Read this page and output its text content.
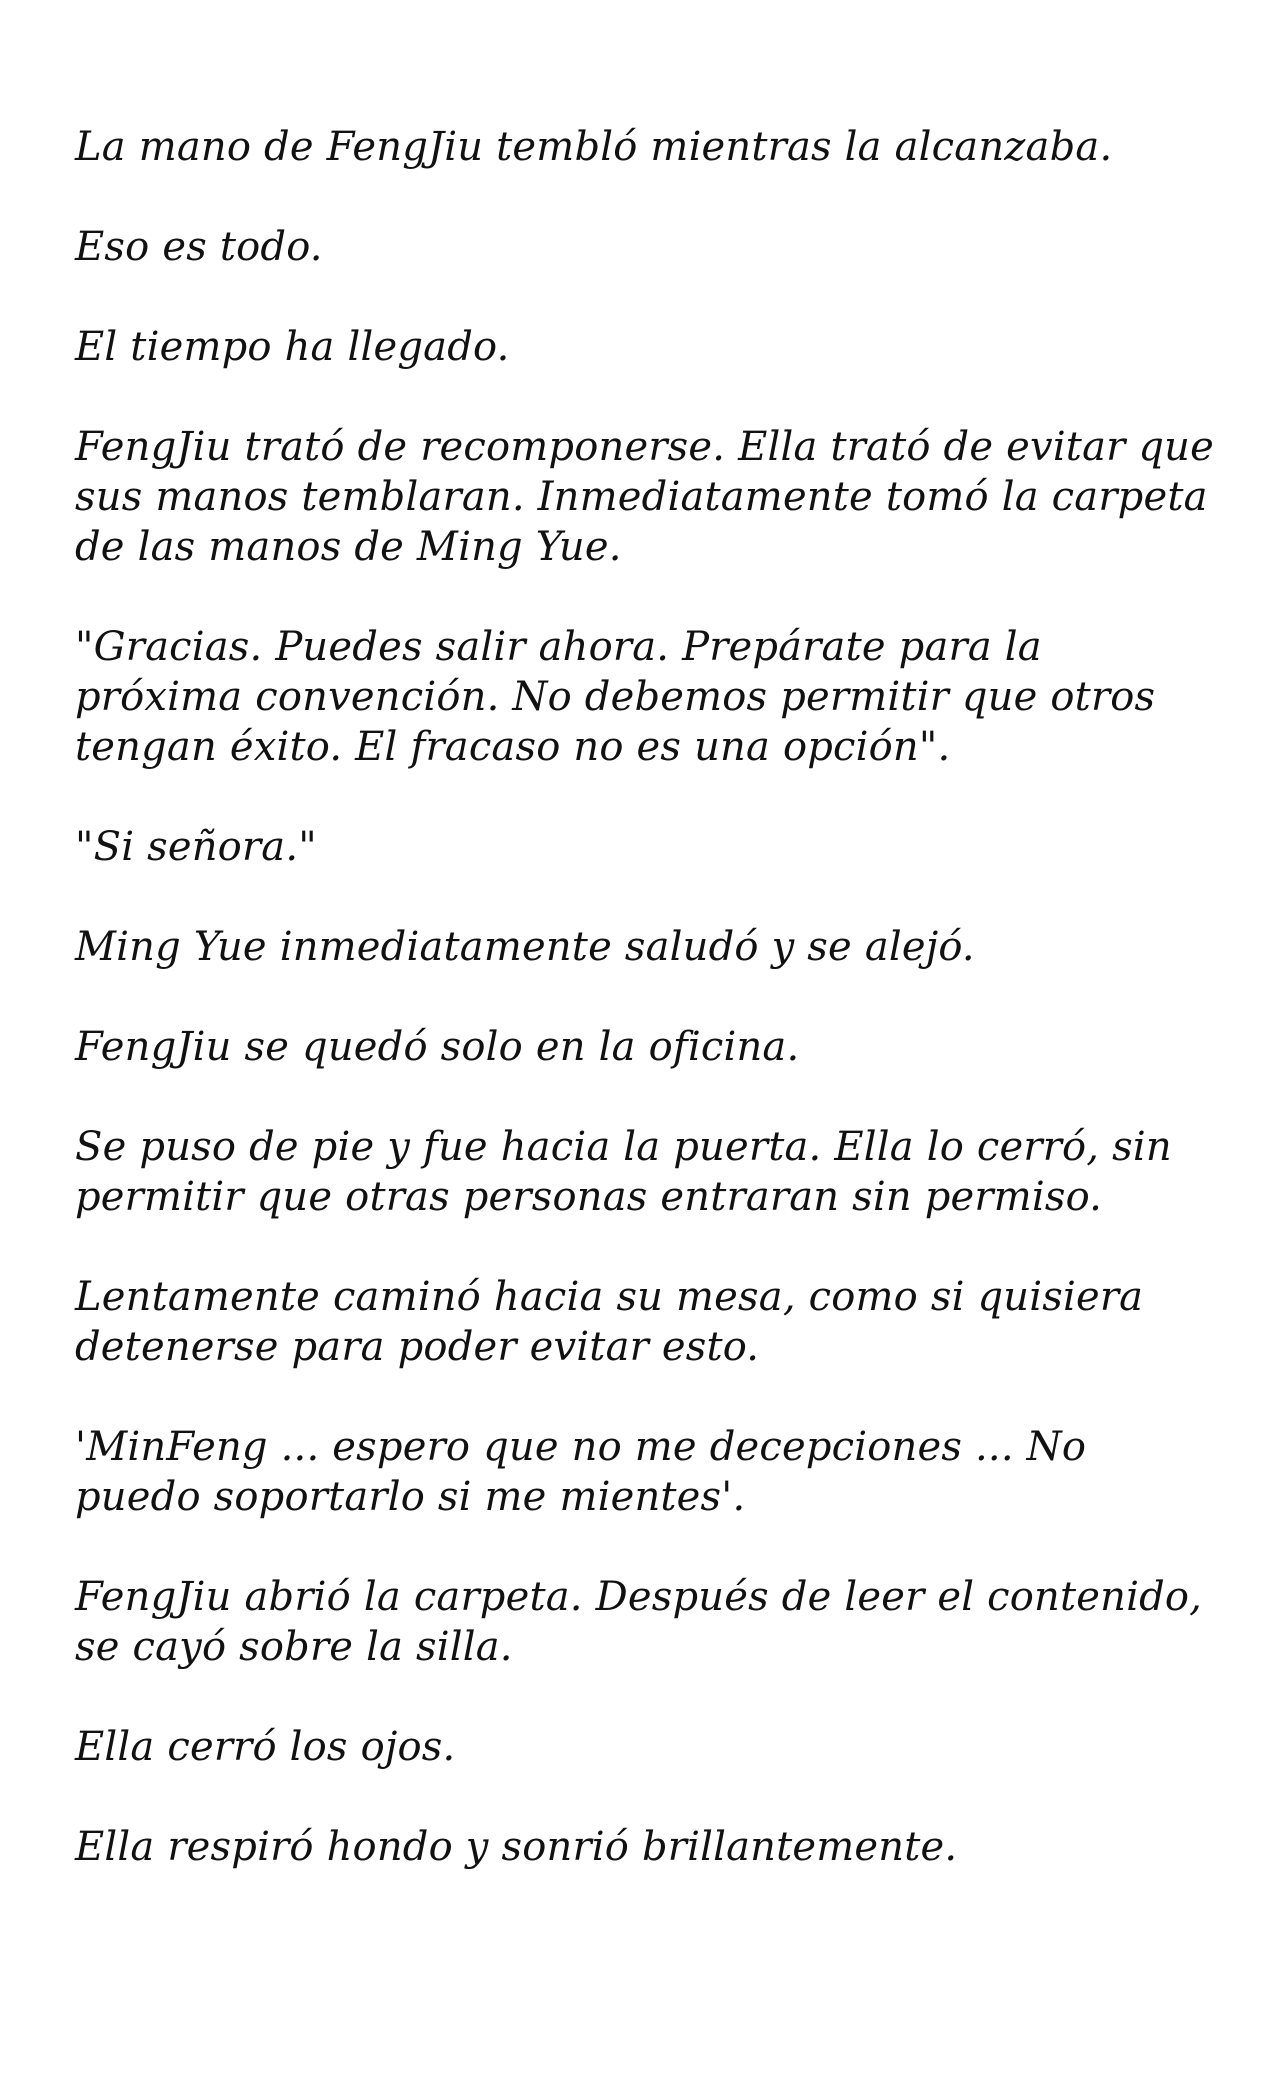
La mano de FengJiu tembló mientras la alcanzaba.

Eso es todo.

El tiempo ha llegado.

FengJiu trató de recomponerse. Ella trató de evitar que sus manos temblaran. Inmediatamente tomó la carpeta de las manos de Ming Yue.

"Gracias. Puedes salir ahora. Prepárate para la próxima convención. No debemos permitir que otros tengan éxito. El fracaso no es una opción".

"Si señora."

Ming Yue inmediatamente saludó y se alejó.

FengJiu se quedó solo en la oficina.

Se puso de pie y fue hacia la puerta. Ella lo cerró, sin permitir que otras personas entraran sin permiso.

Lentamente caminó hacia su mesa, como si quisiera detenerse para poder evitar esto.

'MinFeng ... espero que no me decepciones ... No puedo soportarlo si me mientes'.

FengJiu abrió la carpeta. Después de leer el contenido, se cayó sobre la silla.

Ella cerró los ojos.

Ella respiró hondo y sonrió brillantemente.
